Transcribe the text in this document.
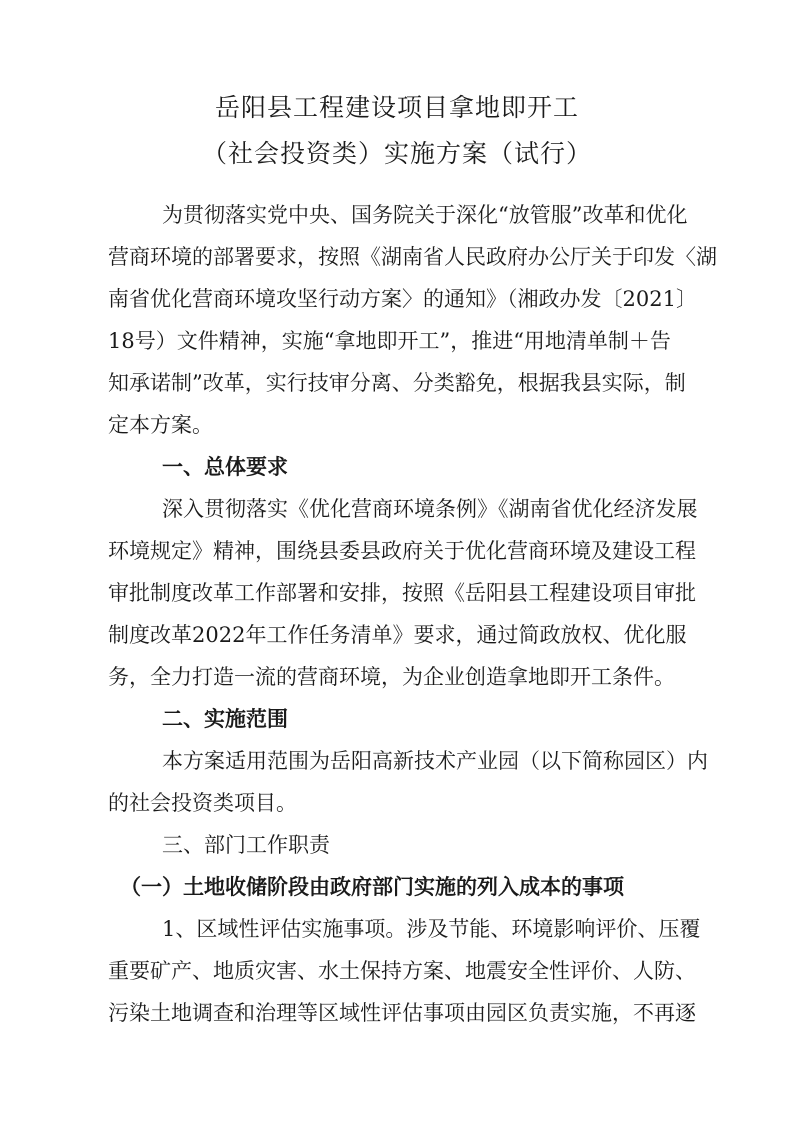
岳阳县工程建设项目拿地即开工
（社会投资类）实施方案（试行）
为贯彻落实党中央、国务院关于深化“放管服”改革和优化
营商环境的部署要求，按照《湖南省人民政府办公厅关于印发〈湖
南省优化营商环境攻坚行动方案〉的通知》（湘政办发〔2021〕
18号）文件精神，实施“拿地即开工”，推进“用地清单制＋告
知承诺制”改革，实行技审分离、分类豁免，根据我县实际，制
定本方案。
一、总体要求
深入贯彻落实《优化营商环境条例》《湖南省优化经济发展
环境规定》精神，围绕县委县政府关于优化营商环境及建设工程
审批制度改革工作部署和安排，按照《岳阳县工程建设项目审批
制度改革2022年工作任务清单》要求，通过简政放权、优化服
务，全力打造一流的营商环境，为企业创造拿地即开工条件。
二、实施范围
本方案适用范围为岳阳高新技术产业园（以下简称园区）内
的社会投资类项目。
三、部门工作职责
（一）土地收储阶段由政府部门实施的列入成本的事项
1、区域性评估实施事项。涉及节能、环境影响评价、压覆
重要矿产、地质灾害、水土保持方案、地震安全性评价、人防、
污染土地调查和治理等区域性评估事项由园区负责实施，不再逐
